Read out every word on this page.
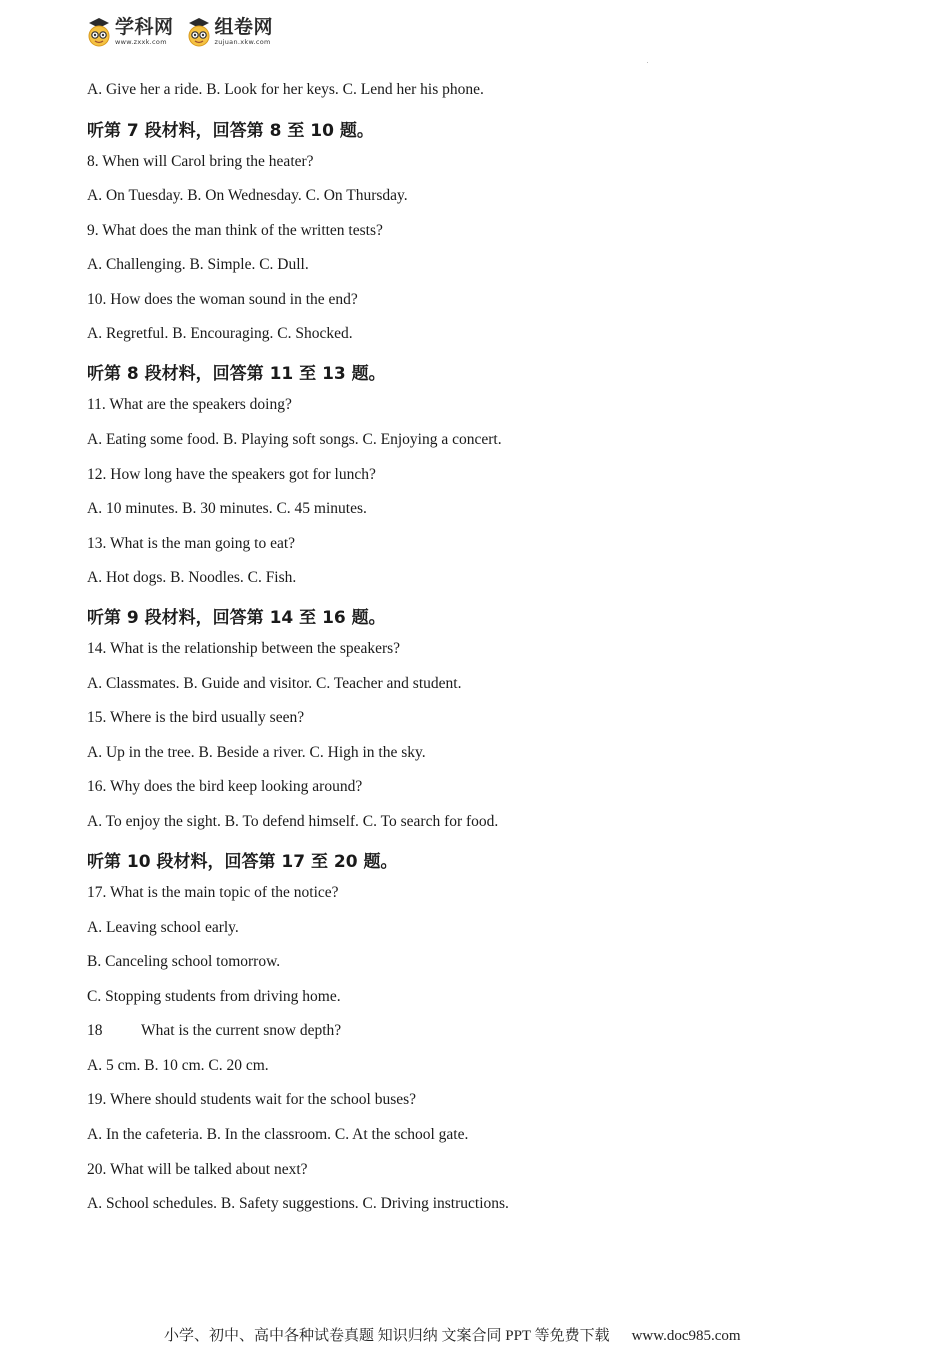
学科网
www.zxxk.com
组卷网
zujuan.xkw.com
A. Give her a ride. B. Look for her keys. C. Lend her his phone.
听第 7 段材料，回答第 8 至 10 题。
8. When will Carol bring the heater?
A. On Tuesday. B. On Wednesday. C. On Thursday.
9. What does the man think of the written tests?
A. Challenging. B. Simple. C. Dull.
10. How does the woman sound in the end?
A. Regretful. B. Encouraging. C. Shocked.
听第 8 段材料，回答第 11 至 13 题。
11. What are the speakers doing?
A. Eating some food. B. Playing soft songs. C. Enjoying a concert.
12. How long have the speakers got for lunch?
A. 10 minutes. B. 30 minutes. C. 45 minutes.
13. What is the man going to eat?
A. Hot dogs. B. Noodles. C. Fish.
听第 9 段材料，回答第 14 至 16 题。
14. What is the relationship between the speakers?
A. Classmates. B. Guide and visitor. C. Teacher and student.
15. Where is the bird usually seen?
A. Up in the tree. B. Beside a river. C. High in the sky.
16. Why does the bird keep looking around?
A. To enjoy the sight. B. To defend himself. C. To search for food.
听第 10 段材料，回答第 17 至 20 题。
17. What is the main topic of the notice?
A. Leaving school early.
B. Canceling school tomorrow.
C. Stopping students from driving home.
18 What is the current snow depth?
A. 5 cm. B. 10 cm. C. 20 cm.
19. Where should students wait for the school buses?
A. In the cafeteria. B. In the classroom. C. At the school gate.
20. What will be talked about next?
A. School schedules. B. Safety suggestions. C. Driving instructions.
小学、初中、高中各种试卷真题 知识归纳 文案合同 PPT 等免费下载 www.doc985.com
